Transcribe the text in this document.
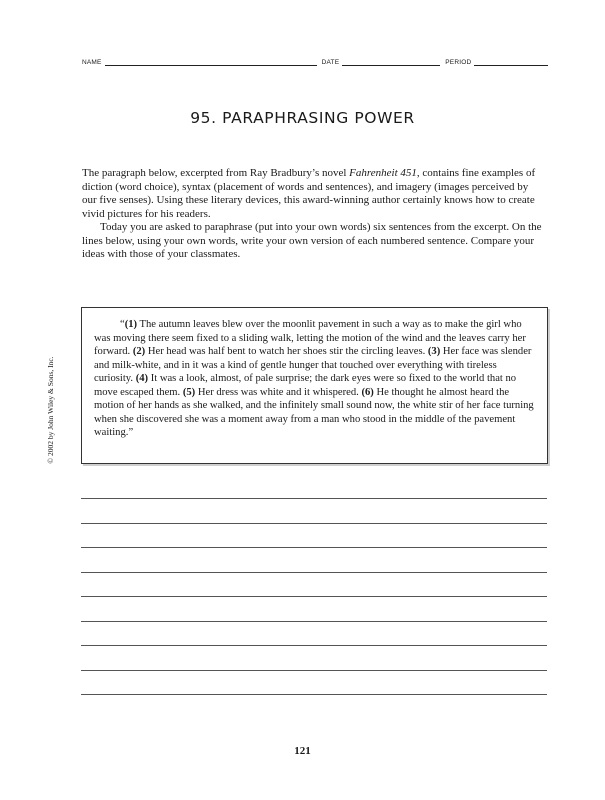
NAME	DATE	PERIOD
95. PARAPHRASING POWER

The paragraph below, excerpted from Ray Bradbury’s novel Fahrenheit 451, contains fine examples of diction (word choice), syntax (placement of words and sentences), and imagery (images perceived by our five senses). Using these literary devices, this award-winning author certainly knows how to create vivid pictures for his readers.

Today you are asked to paraphrase (put into your own words) six sentences from the excerpt. On the lines below, using your own words, write your own version of each numbered sentence. Compare your ideas with those of your classmates.

© 2002 by John Wiley & Sons, Inc.

“(1) The autumn leaves blew over the moonlit pavement in such a way as to make the girl who was moving there seem fixed to a sliding walk, letting the motion of the wind and the leaves carry her forward. (2) Her head was half bent to watch her shoes stir the circling leaves. (3) Her face was slender and milk-white, and in it was a kind of gentle hunger that touched over everything with tireless curiosity. (4) It was a look, almost, of pale surprise; the dark eyes were so fixed to the world that no move escaped them. (5) Her dress was white and it whispered. (6) He thought he almost heard the motion of her hands as she walked, and the infinitely small sound now, the white stir of her face turning when she discovered she was a moment away from a man who stood in the middle of the pavement waiting.”

121
